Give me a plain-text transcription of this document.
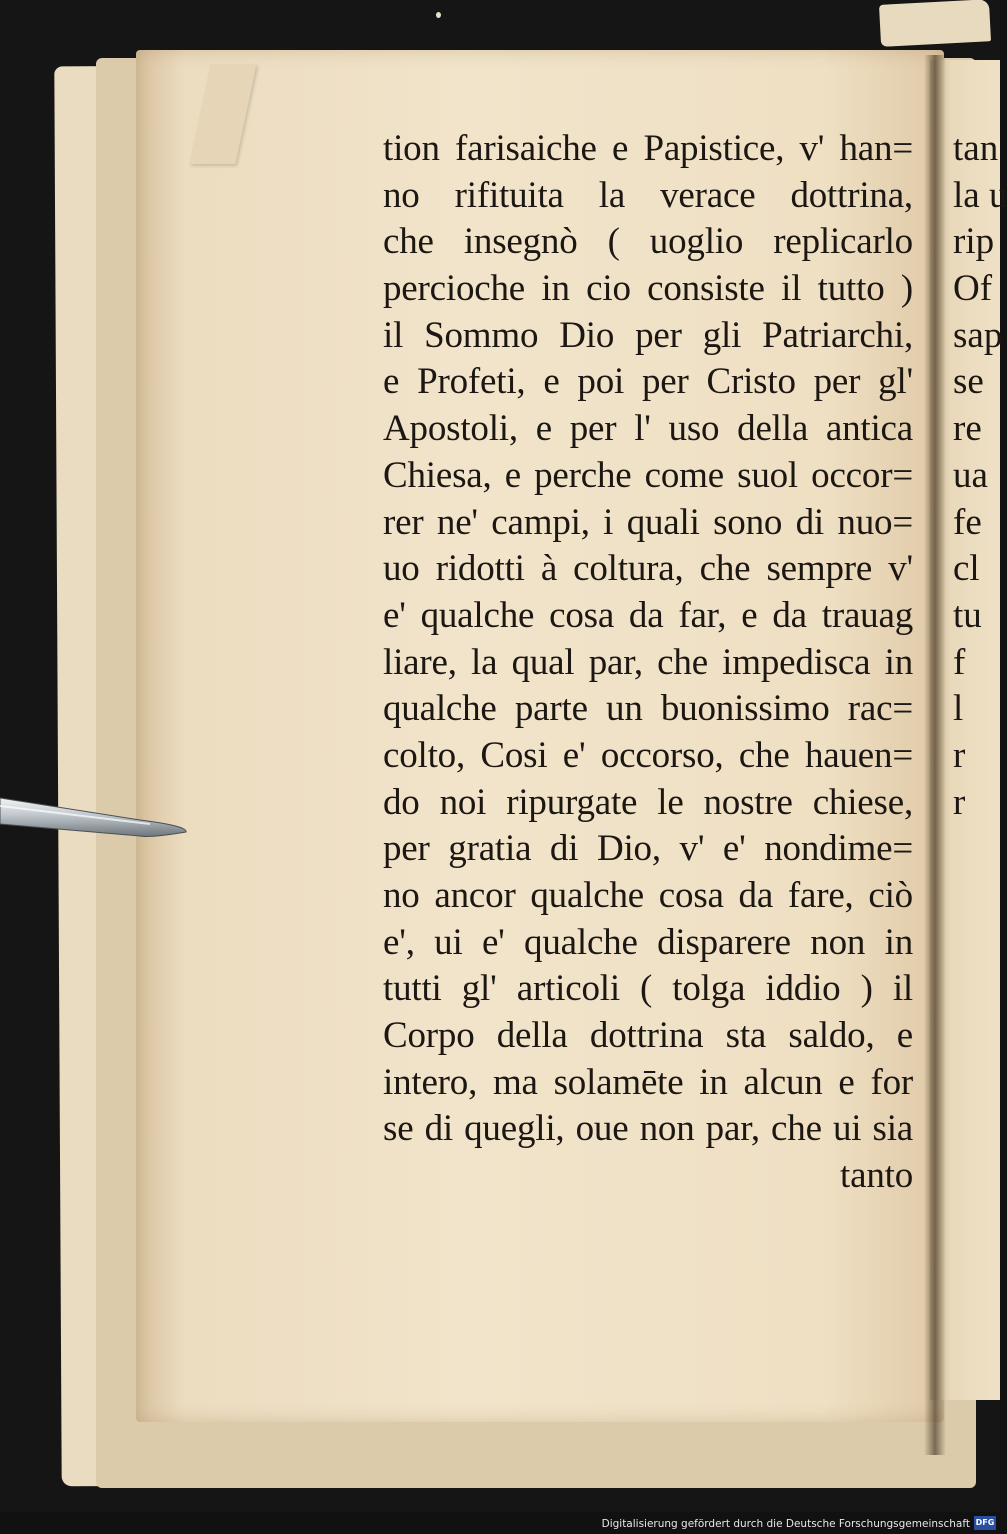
tion farisaiche e Papistice, v' han=
no rifituita la verace dottrina,
che insegnò ( uoglio replicarlo
percioche in cio consiste il tutto )
il Sommo Dio per gli Patriarchi,
e Profeti, e poi per Cristo per gl'
Apostoli, e per l' uso della antica
Chiesa, e perche come suol occor=
rer ne' campi, i quali sono di nuo=
uo ridotti à coltura, che sempre v'
e' qualche cosa da far, e da trauag
liare, la qual par, che impedisca in
qualche parte un buonissimo rac=
colto, Cosi e' occorso, che hauen=
do noi ripurgate le nostre chiese,
per gratia di Dio, v' e' nondime=
no ancor qualche cosa da fare, ciò
e', ui e' qualche disparere non in
tutti gl' articoli ( tolga iddio ) il
Corpo della dottrina sta saldo, e
intero, ma solamēte in alcun e for
se di quegli, oue non par, che ui sia
tanto
tan
la u
rip
Of
sap
se
re
ua
fe
cl
tu
f
l
r
r
Digitalisierung gefördert durch die Deutsche Forschungsgemeinschaft DFG
